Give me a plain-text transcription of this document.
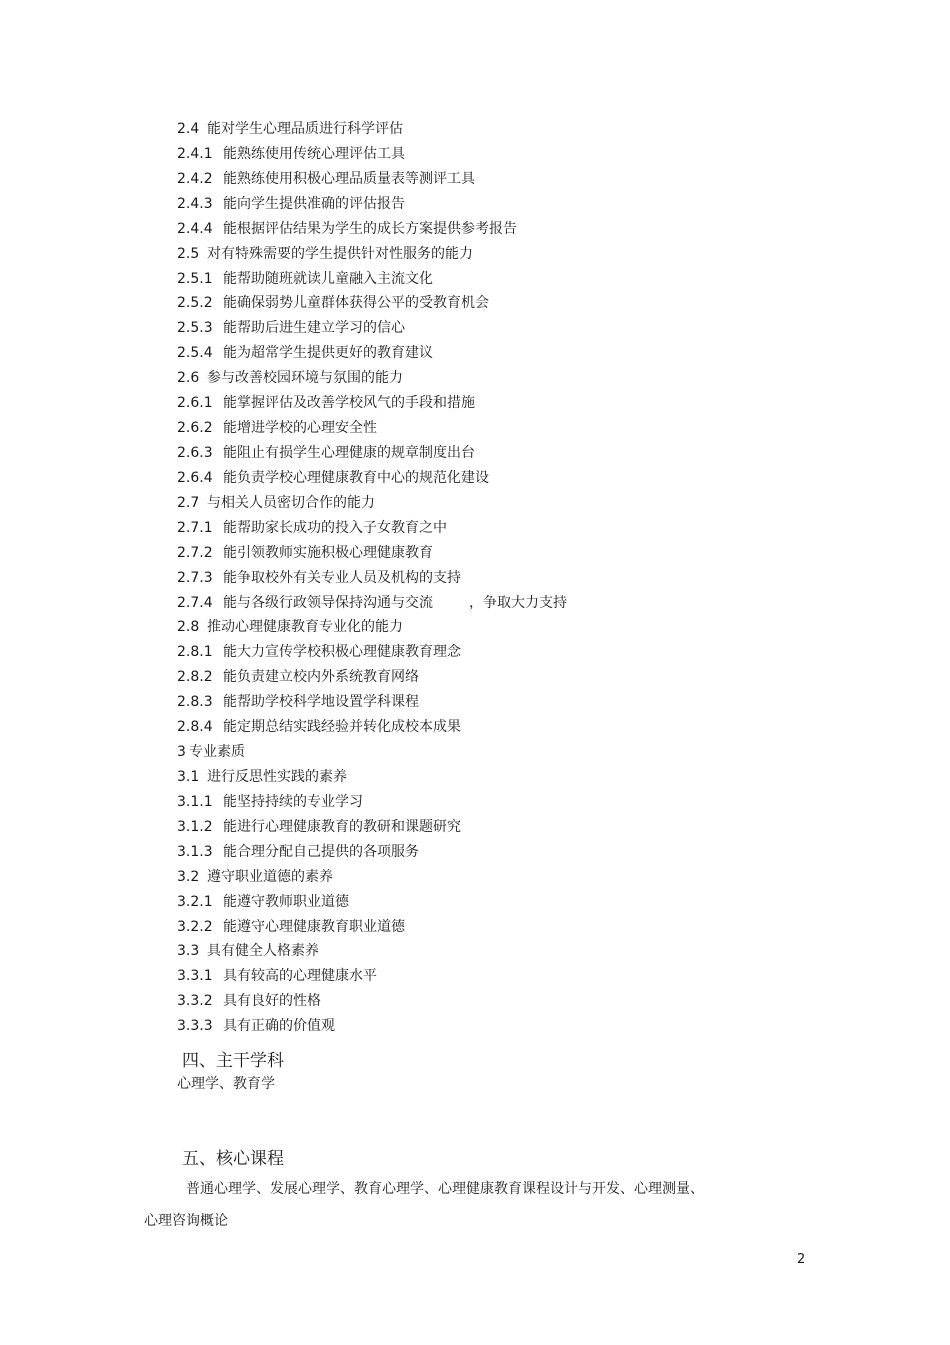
2.4 能对学生心理品质进行科学评估
2.4.1 能熟练使用传统心理评估工具
2.4.2 能熟练使用积极心理品质量表等测评工具
2.4.3 能向学生提供准确的评估报告
2.4.4 能根据评估结果为学生的成长方案提供参考报告
2.5 对有特殊需要的学生提供针对性服务的能力
2.5.1 能帮助随班就读儿童融入主流文化
2.5.2 能确保弱势儿童群体获得公平的受教育机会
2.5.3 能帮助后进生建立学习的信心
2.5.4 能为超常学生提供更好的教育建议
2.6 参与改善校园环境与氛围的能力
2.6.1 能掌握评估及改善学校风气的手段和措施
2.6.2 能增进学校的心理安全性
2.6.3 能阻止有损学生心理健康的规章制度出台
2.6.4 能负责学校心理健康教育中心的规范化建设
2.7 与相关人员密切合作的能力
2.7.1 能帮助家长成功的投入子女教育之中
2.7.2 能引领教师实施积极心理健康教育
2.7.3 能争取校外有关专业人员及机构的支持
2.7.4 能与各级行政领导保持沟通与交流	，争取大力支持
2.8 推动心理健康教育专业化的能力
2.8.1 能大力宣传学校积极心理健康教育理念
2.8.2 能负责建立校内外系统教育网络
2.8.3 能帮助学校科学地设置学科课程
2.8.4 能定期总结实践经验并转化成校本成果
3 专业素质
3.1 进行反思性实践的素养
3.1.1 能坚持持续的专业学习
3.1.2 能进行心理健康教育的教研和课题研究
3.1.3 能合理分配自己提供的各项服务
3.2 遵守职业道德的素养
3.2.1 能遵守教师职业道德
3.2.2 能遵守心理健康教育职业道德
3.3 具有健全人格素养
3.3.1 具有较高的心理健康水平
3.3.2 具有良好的性格
3.3.3 具有正确的价值观
四、主干学科
心理学、教育学
五、核心课程
普通心理学、发展心理学、教育心理学、心理健康教育课程设计与开发、心理测量、
心理咨询概论
2
